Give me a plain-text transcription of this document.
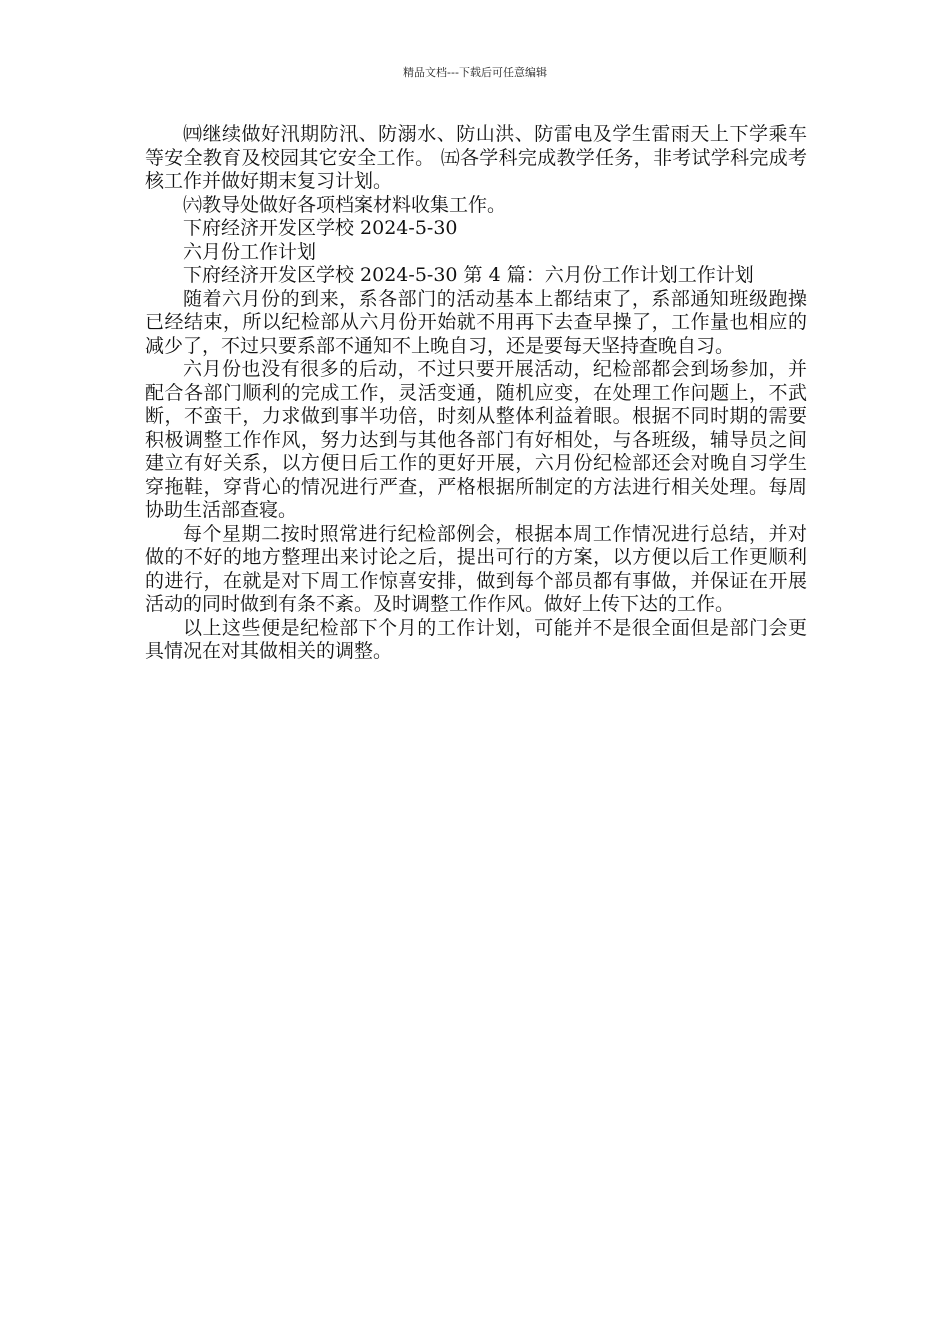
精品文档---下载后可任意编辑

㈣继续做好汛期防汛、防溺水、防山洪、防雷电及学生雷雨天上下学乘车等安全教育及校园其它安全工作。 ㈤各学科完成教学任务，非考试学科完成考核工作并做好期末复习计划。

㈥教导处做好各项档案材料收集工作。

下府经济开发区学校 2024-5-30

六月份工作计划

下府经济开发区学校 2024-5-30 第 4 篇：六月份工作计划工作计划

随着六月份的到来，系各部门的活动基本上都结束了，系部通知班级跑操已经结束，所以纪检部从六月份开始就不用再下去查早操了，工作量也相应的减少了，不过只要系部不通知不上晚自习，还是要每天坚持查晚自习。

六月份也没有很多的后动，不过只要开展活动，纪检部都会到场参加，并配合各部门顺利的完成工作，灵活变通，随机应变，在处理工作问题上，不武断，不蛮干，力求做到事半功倍，时刻从整体利益着眼。根据不同时期的需要积极调整工作作风，努力达到与其他各部门有好相处，与各班级，辅导员之间建立有好关系，以方便日后工作的更好开展，六月份纪检部还会对晚自习学生穿拖鞋，穿背心的情况进行严查，严格根据所制定的方法进行相关处理。每周协助生活部查寝。

每个星期二按时照常进行纪检部例会，根据本周工作情况进行总结，并对做的不好的地方整理出来讨论之后，提出可行的方案，以方便以后工作更顺利的进行，在就是对下周工作惊喜安排，做到每个部员都有事做，并保证在开展活动的同时做到有条不紊。及时调整工作作风。做好上传下达的工作。

以上这些便是纪检部下个月的工作计划，可能并不是很全面但是部门会更具情况在对其做相关的调整。
